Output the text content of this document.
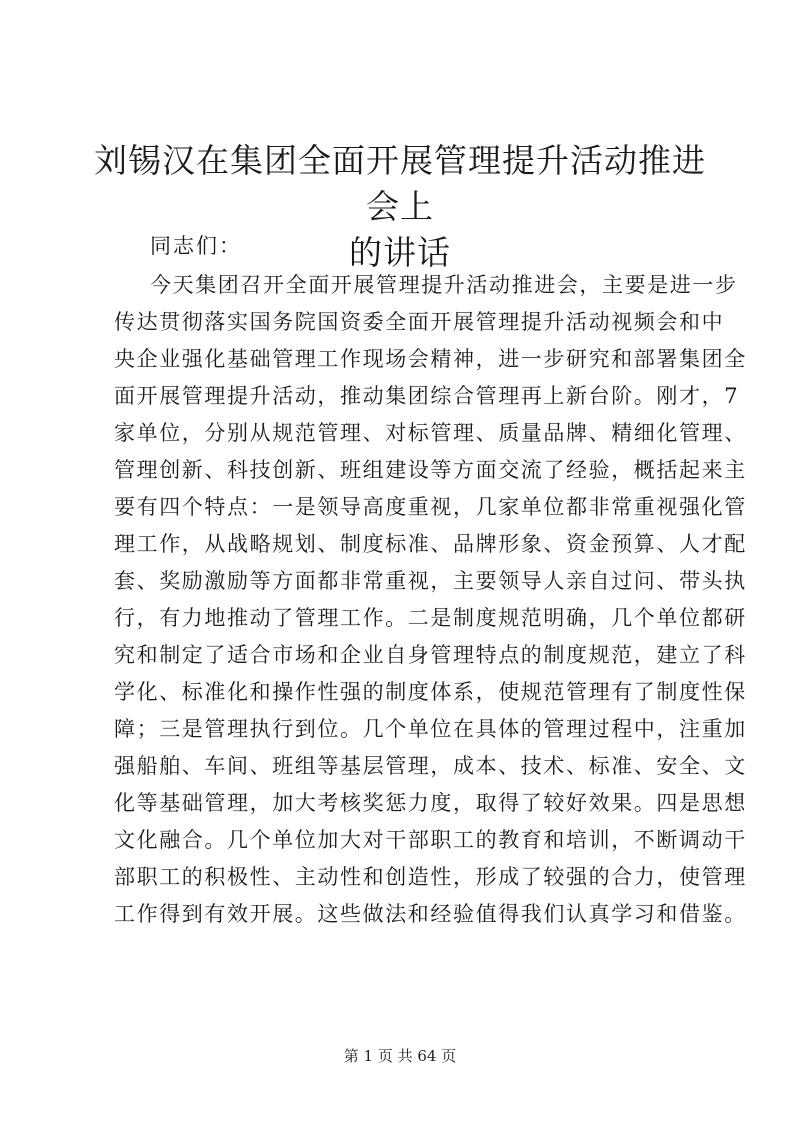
刘锡汉在集团全面开展管理提升活动推进会上
的讲话
同志们：
今天集团召开全面开展管理提升活动推进会，主要是进一步
传达贯彻落实国务院国资委全面开展管理提升活动视频会和中
央企业强化基础管理工作现场会精神，进一步研究和部署集团全
面开展管理提升活动，推动集团综合管理再上新台阶。刚才，7
家单位，分别从规范管理、对标管理、质量品牌、精细化管理、
管理创新、科技创新、班组建设等方面交流了经验，概括起来主
要有四个特点：一是领导高度重视，几家单位都非常重视强化管
理工作，从战略规划、制度标准、品牌形象、资金预算、人才配
套、奖励激励等方面都非常重视，主要领导人亲自过问、带头执
行，有力地推动了管理工作。二是制度规范明确，几个单位都研
究和制定了适合市场和企业自身管理特点的制度规范，建立了科
学化、标准化和操作性强的制度体系，使规范管理有了制度性保
障；三是管理执行到位。几个单位在具体的管理过程中，注重加
强船舶、车间、班组等基层管理，成本、技术、标准、安全、文
化等基础管理，加大考核奖惩力度，取得了较好效果。四是思想
文化融合。几个单位加大对干部职工的教育和培训，不断调动干
部职工的积极性、主动性和创造性，形成了较强的合力，使管理
工作得到有效开展。这些做法和经验值得我们认真学习和借鉴。
第 1 页 共 64 页
